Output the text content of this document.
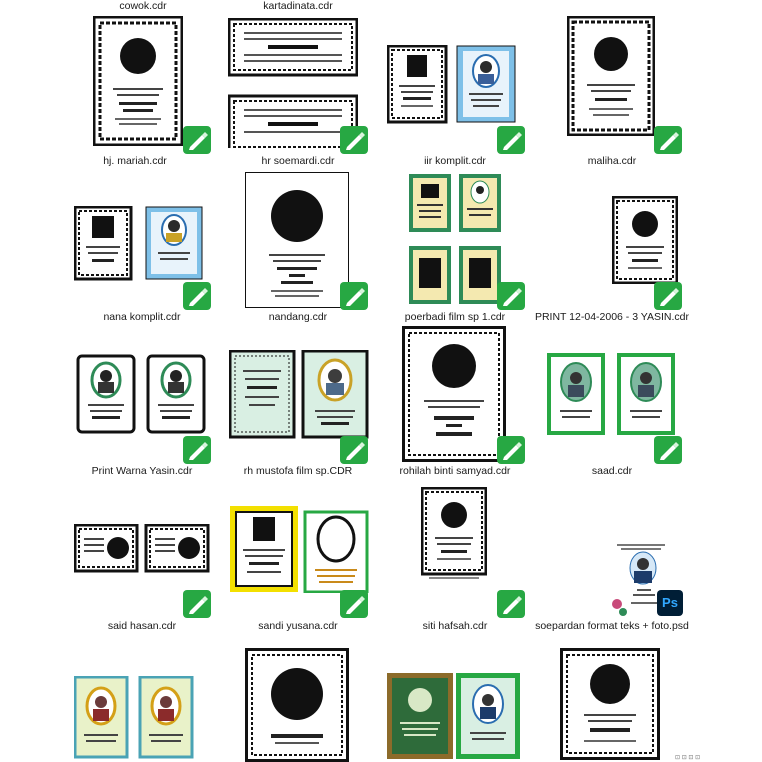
cowok.cdr	kartadinata.cdr
hj. mariah.cdr	hr soemardi.cdr	iir komplit.cdr	maliha.cdr
nana komplit.cdr	nandang.cdr	poerbadi film sp 1.cdr	PRINT 12-04-2006 - 3 YASIN.cdr
Print Warna Yasin.cdr	rh mustofa film sp.CDR	rohilah binti samyad.cdr	saad.cdr
Ps
said hasan.cdr	sandi yusana.cdr	siti hafsah.cdr	soepardan format teks + foto.psd
⊡ ⊡ ⊡ ⊡
